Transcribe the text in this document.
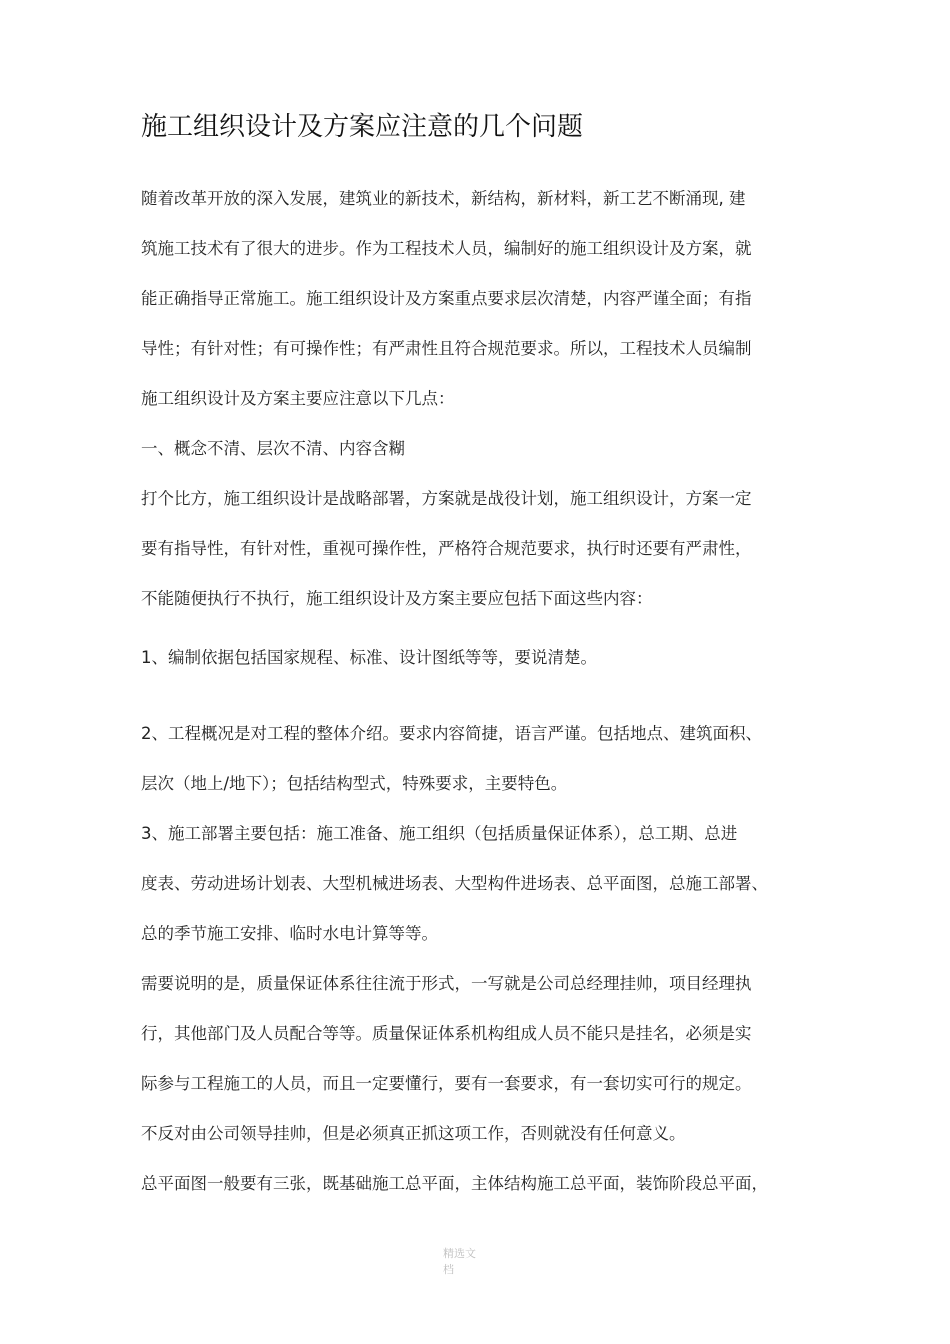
施工组织设计及方案应注意的几个问题

随着改革开放的深入发展，建筑业的新技术，新结构，新材料，新工艺不断涌现, 建

筑施工技术有了很大的进步。作为工程技术人员，编制好的施工组织设计及方案，就

能正确指导正常施工。施工组织设计及方案重点要求层次清楚，内容严谨全面；有指

导性；有针对性；有可操作性；有严肃性且符合规范要求。所以，工程技术人员编制

施工组织设计及方案主要应注意以下几点：

一、概念不清、层次不清、内容含糊

打个比方，施工组织设计是战略部署，方案就是战役计划，施工组织设计，方案一定

要有指导性，有针对性，重视可操作性，严格符合规范要求，执行时还要有严肃性，

不能随便执行不执行，施工组织设计及方案主要应包括下面这些内容：

1、编制依据包括国家规程、标准、设计图纸等等，要说清楚。

2、工程概况是对工程的整体介绍。要求内容简捷，语言严谨。包括地点、建筑面积、

层次（地上/地下）；包括结构型式，特殊要求，主要特色。

3、施工部署主要包括：施工准备、施工组织（包括质量保证体系），总工期、总进

度表、劳动进场计划表、大型机械进场表、大型构件进场表、总平面图，总施工部署、

总的季节施工安排、临时水电计算等等。

需要说明的是，质量保证体系往往流于形式，一写就是公司总经理挂帅，项目经理执

行，其他部门及人员配合等等。质量保证体系机构组成人员不能只是挂名，必须是实

际参与工程施工的人员，而且一定要懂行，要有一套要求，有一套切实可行的规定。

不反对由公司领导挂帅，但是必须真正抓这项工作，否则就没有任何意义。

总平面图一般要有三张，既基础施工总平面，主体结构施工总平面，装饰阶段总平面，

精选文
档
